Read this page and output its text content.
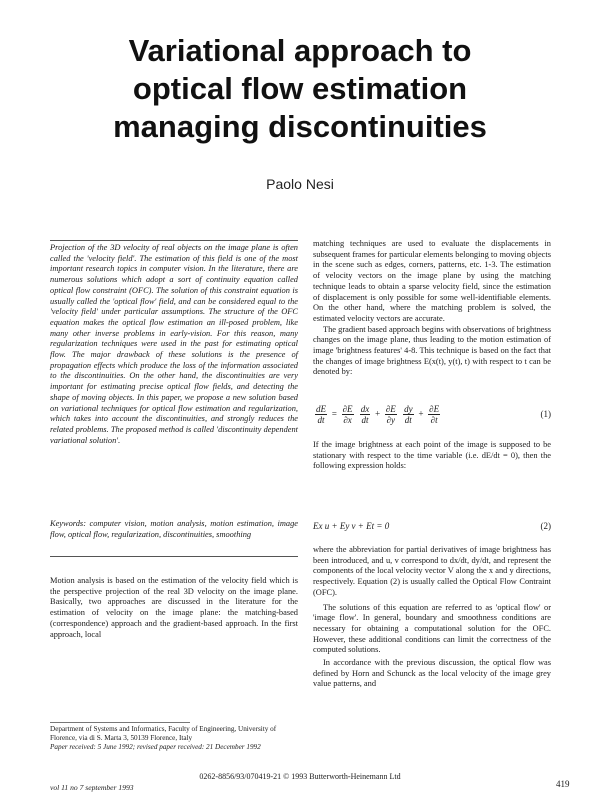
Variational approach to
optical flow estimation
managing discontinuities
Paolo Nesi

Projection of the 3D velocity of real objects on the image plane is often called the 'velocity field'. The estimation of this field is one of the most important research topics in computer vision. In the literature, there are numerous solutions which adopt a sort of continuity equation called optical flow constraint (OFC). The solution of this constraint equation is usually called the 'optical flow' field, and can be considered equal to the 'velocity field' under particular assumptions. The structure of the OFC equation makes the optical flow estimation an ill-posed problem, like many other inverse problems in early-vision. For this reason, many regularization techniques were used in the past for estimating optical flow. The major drawback of these solutions is the presence of propagation effects which produce the loss of the information associated to the discontinuities. On the other hand, the discontinuities are very important for estimating precise optical flow fields, and detecting the shape of moving objects. In this paper, we propose a new solution based on variational techniques for optical flow estimation and regularization, which takes into account the discontinuities, and strongly reduces the related problems. The proposed method is called 'discontinuity dependent variational solution'.

Keywords: computer vision, motion analysis, motion estimation, image flow, optical flow, regularization, discontinuities, smoothing

Motion analysis is based on the estimation of the velocity field which is the perspective projection of the real 3D velocity on the image plane. Basically, two approaches are discussed in the literature for the estimation of velocity on the image plane: the matching-based (correspondence) approach and the gradient-based approach. In the first approach, local

Department of Systems and Informatics, Faculty of Engineering, University of Florence, via di S. Marta 3, 50139 Florence, Italy
Paper received: 5 June 1992; revised paper received: 21 December 1992

matching techniques are used to evaluate the displacements in subsequent frames for particular elements belonging to moving objects in the scene such as edges, corners, patterns, etc. 1-3. The estimation of velocity vectors on the image plane by using the matching technique leads to obtain a sparse velocity field, since the estimation of displacement is only possible for some well-identifiable elements. On the other hand, where the matching problem is solved, the estimated velocity vectors are accurate.

The gradient based approach begins with observations of brightness changes on the image plane, thus leading to the motion estimation of image 'brightness features' 4-8. This technique is based on the fact that the changes of image brightness E(x(t), y(t), t) with respect to t can be denoted by:

$\frac{dE}{dt} = \frac{\partial E}{\partial x}$
$\frac{dx}{dt} + \frac{\partial E}{\partial y}$
$\frac{dy}{dt} + \frac{\partial E}{\partial t}$	(1)

If the image brightness at each point of the image is supposed to be stationary with respect to the time variable (i.e. dE/dt = 0), then the following expression holds:

Ex u + Ey v + Et = 0	(2)

where the abbreviation for partial derivatives of image brightness has been introduced, and u, v correspond to dx/dt, dy/dt, and represent the components of the local velocity vector V along the x and y directions, respectively. Equation (2) is usually called the Optical Flow Contraint (OFC).

The solutions of this equation are referred to as 'optical flow' or 'image flow'. In general, boundary and smoothness conditions are necessary for obtaining a computational solution for the OFC. However, these additional conditions can limit the correctness of the computed solutions.

In accordance with the previous discussion, the optical flow was defined by Horn and Schunck as the local velocity of the image grey value patterns, and

0262-8856/93/070419-21 © 1993 Butterworth-Heinemann Ltd
vol 11 no 7 september 1993	419
